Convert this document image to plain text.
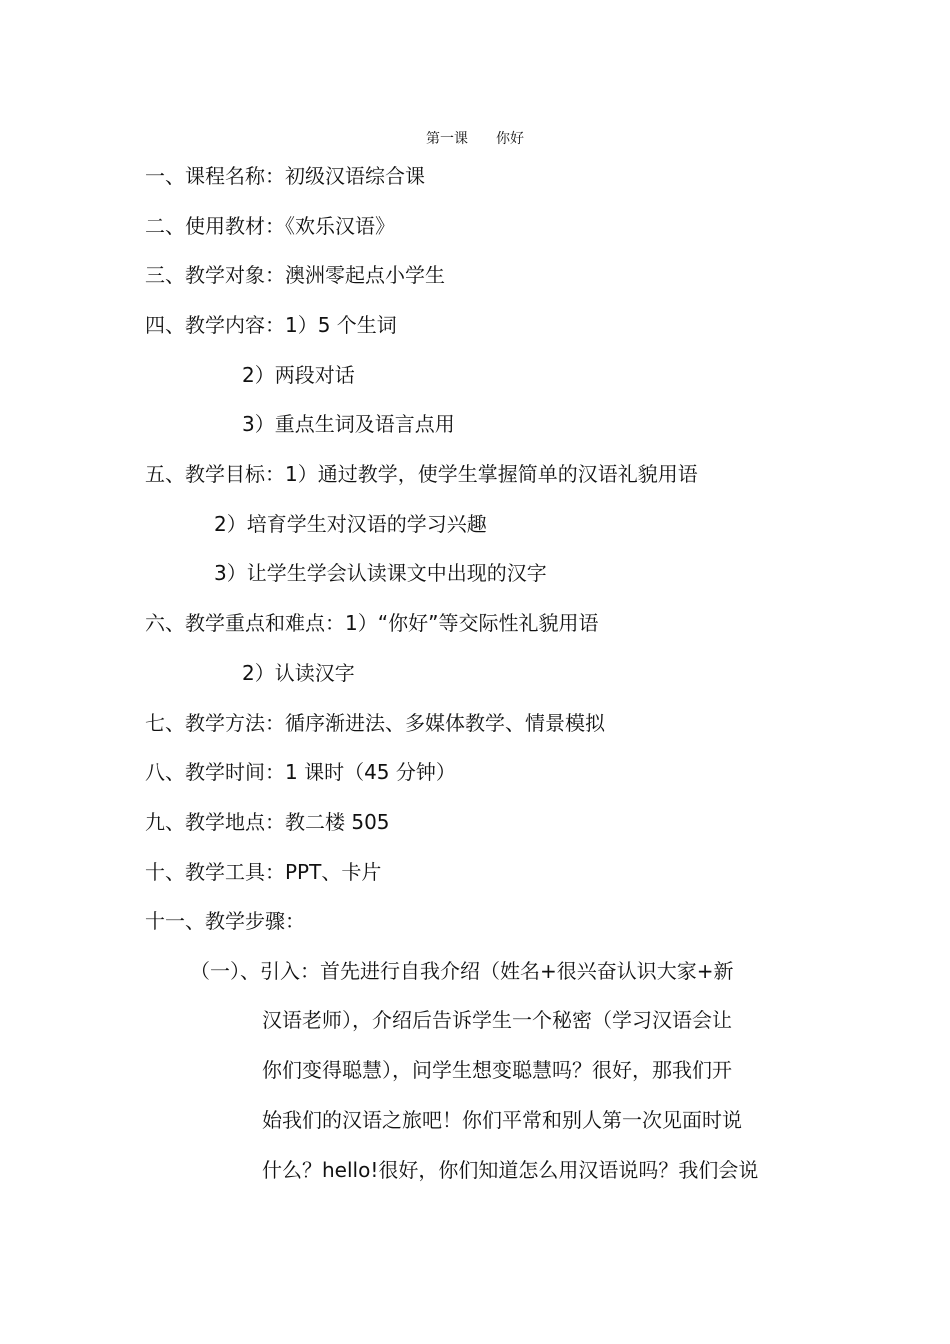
第一课 你好
一、课程名称：初级汉语综合课
二、使用教材：《欢乐汉语》
三、教学对象：澳洲零起点小学生
四、教学内容：1）5 个生词
2）两段对话
3）重点生词及语言点用
五、教学目标：1）通过教学，使学生掌握简单的汉语礼貌用语
2）培育学生对汉语的学习兴趣
3）让学生学会认读课文中出现的汉字
六、教学重点和难点：1）“你好”等交际性礼貌用语
2）认读汉字
七、教学方法：循序渐进法、多媒体教学、情景模拟
八、教学时间：1 课时（45 分钟）
九、教学地点：教二楼 505
十、教学工具：PPT、卡片
十一、教学步骤：
（一）、引入：首先进行自我介绍（姓名+很兴奋认识大家+新
汉语老师），介绍后告诉学生一个秘密（学习汉语会让
你们变得聪慧），问学生想变聪慧吗？很好，那我们开
始我们的汉语之旅吧！你们平常和别人第一次见面时说
什么？hello!很好，你们知道怎么用汉语说吗？我们会说
